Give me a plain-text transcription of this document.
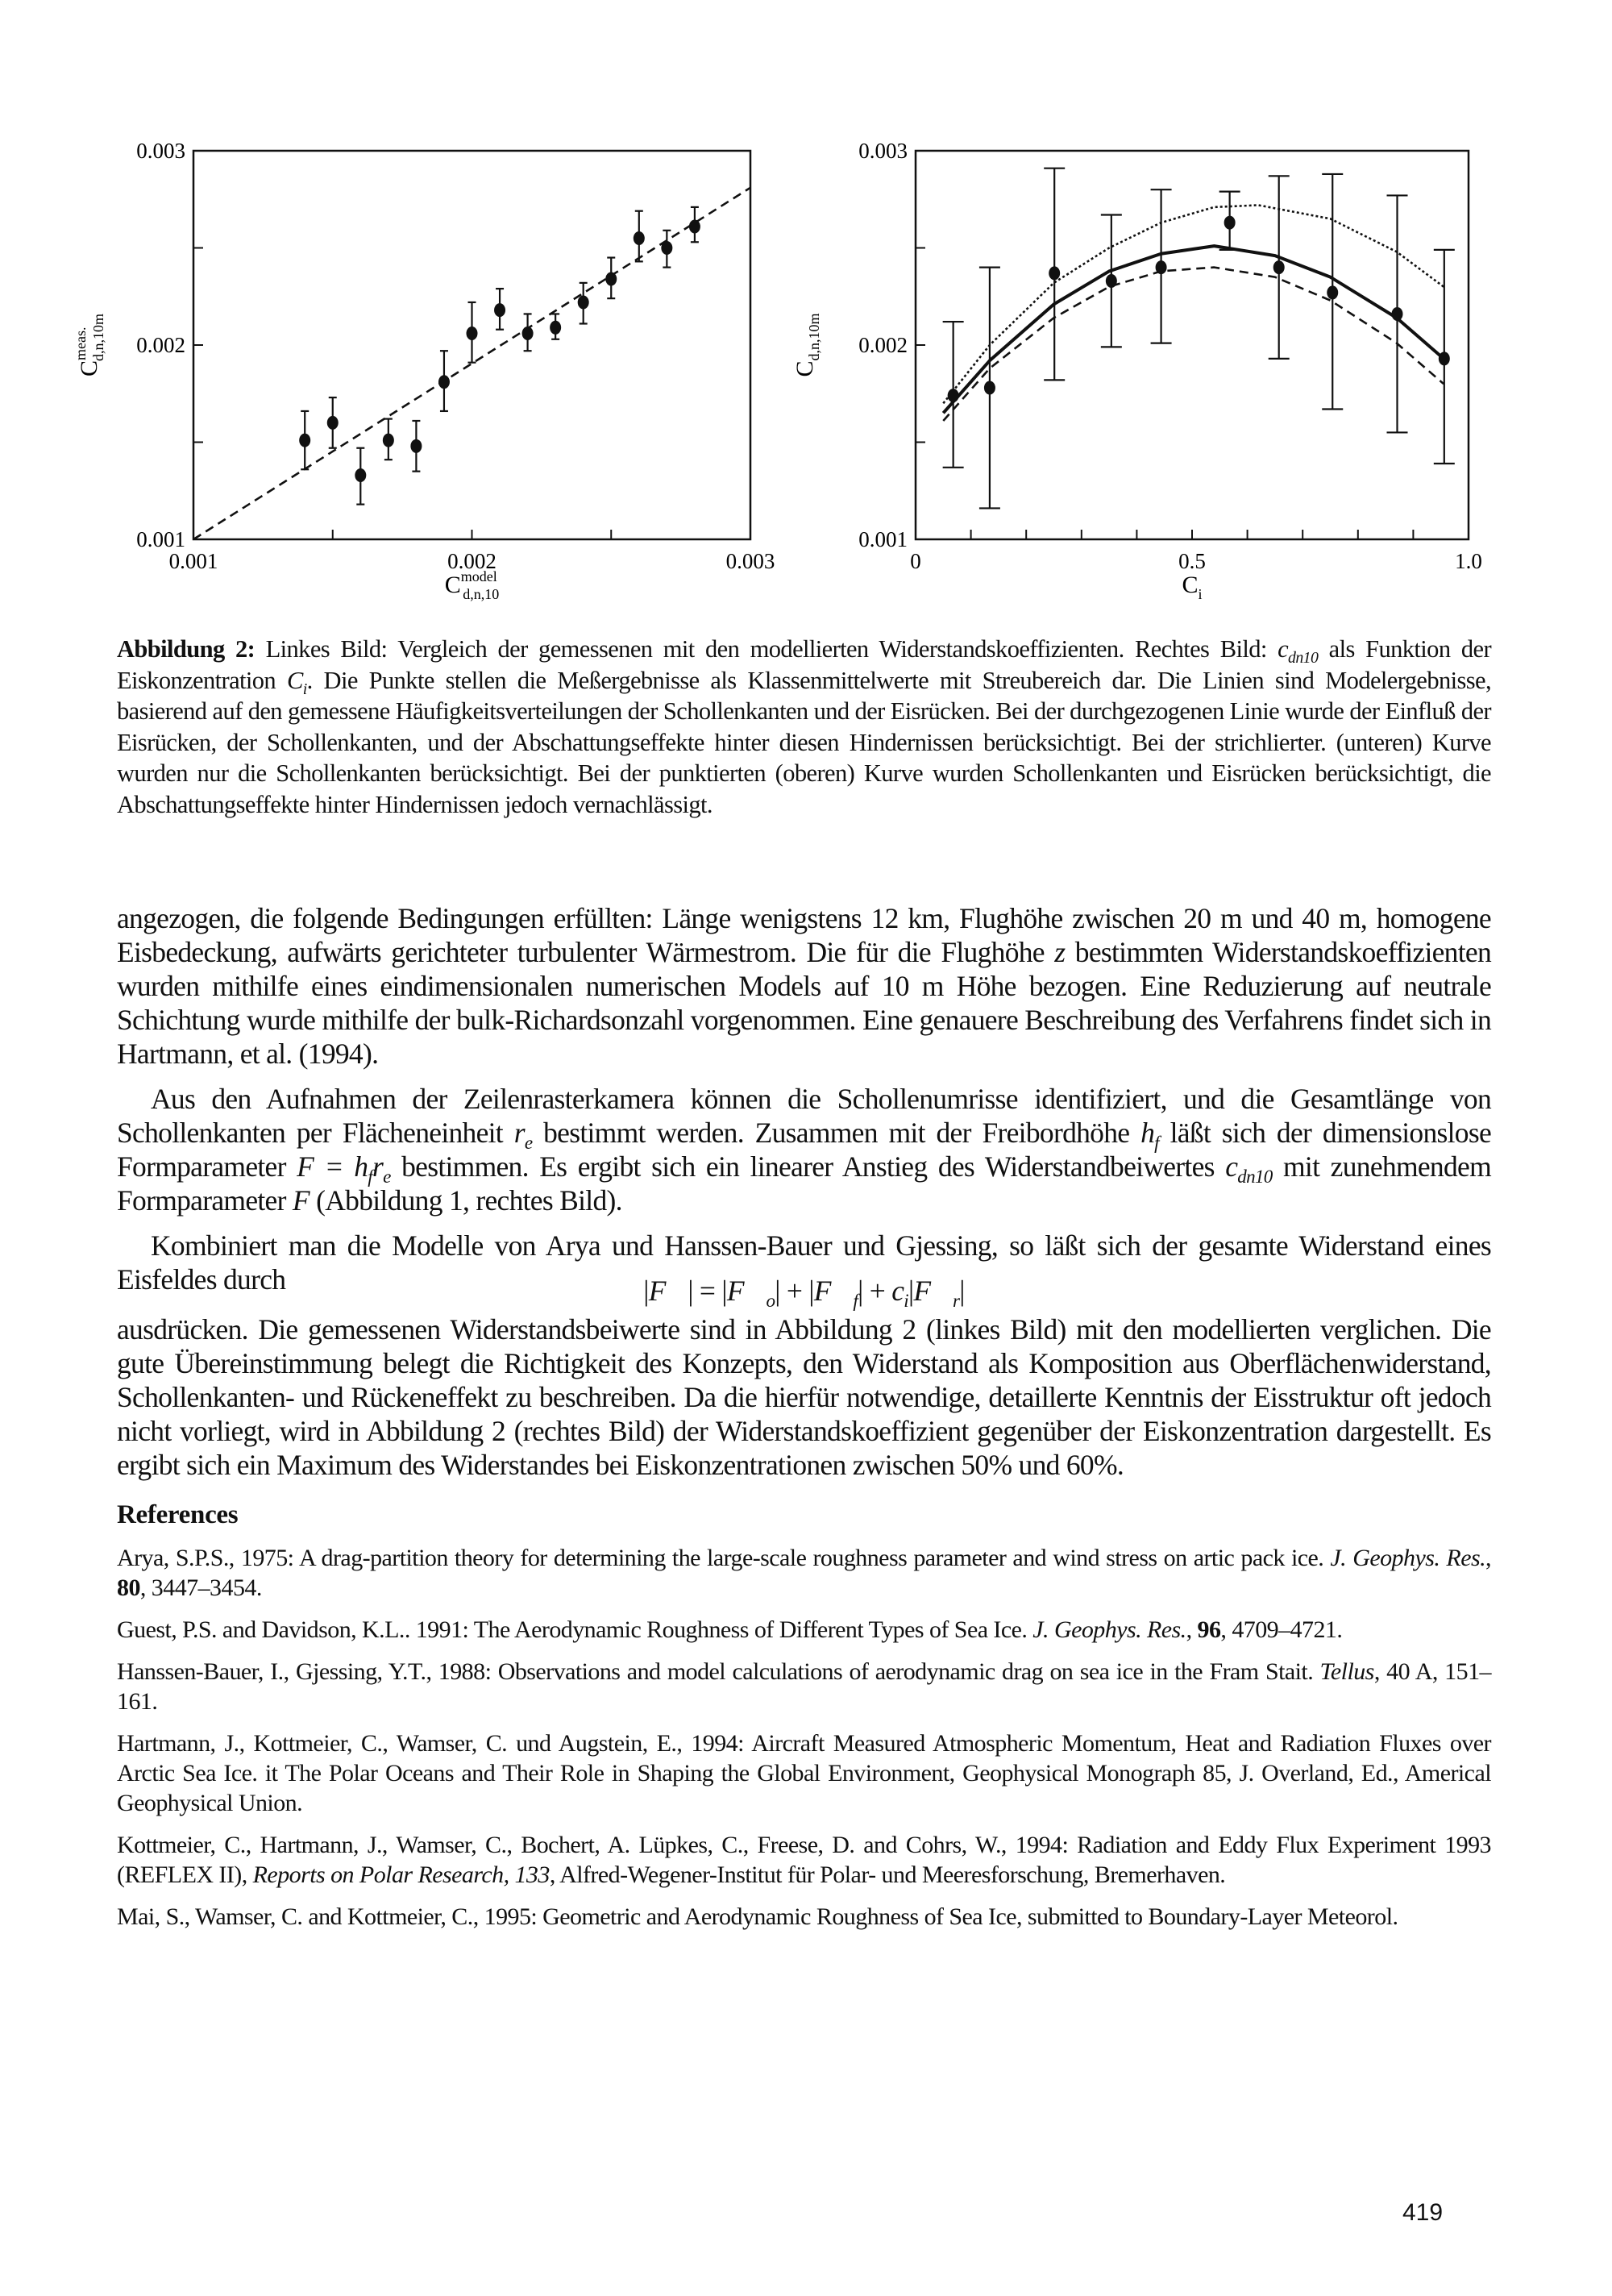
0.001	0.002	0.003
0.001
0.002
0.003
$C^{model}$ d,n,10
$C^{meas.}$ d,n,10m
0	0.5	1.0
0.001
0.002
0.003
$C_i$
$C_{d,n,10m}$
Abbildung 2: Linkes Bild: Vergleich der gemessenen mit den modellierten Widerstandskoeffizienten. Rechtes Bild: $c_{dn10}$ als Funktion der Eiskonzentration $C_i$. Die Punkte stellen die Meßergebnisse als Klassenmittelwerte mit Streubereich dar. Die Linien sind Modelergebnisse, basierend auf den gemessene Häufigkeitsverteilungen der Schollenkanten und der Eisrücken. Bei der durchgezogenen Linie wurde der Einfluß der Eisrücken, der Schollenkanten, und der Abschattungseffekte hinter diesen Hindernissen berücksichtigt. Bei der strichlierter. (unteren) Kurve wurden nur die Schollenkanten berücksichtigt. Bei der punktierten (oberen) Kurve wurden Schollenkanten und Eisrücken berücksichtigt, die Abschattungseffekte hinter Hindernissen jedoch vernachlässigt.

angezogen, die folgende Bedingungen erfüllten: Länge wenigstens 12 km, Flughöhe zwischen 20 m und 40 m, homogene Eisbedeckung, aufwärts gerichteter turbulenter Wärmestrom. Die für die Flughöhe z bestimmten Widerstandskoeffizienten wurden mithilfe eines eindimensionalen numerischen Models auf 10 m Höhe bezogen. Eine Reduzierung auf neutrale Schichtung wurde mithilfe der bulk-Richardsonzahl vorgenommen. Eine genauere Beschreibung des Verfahrens findet sich in Hartmann, et al. (1994).

Aus den Aufnahmen der Zeilenrasterkamera können die Schollenumrisse identifiziert, und die Gesamtlänge von Schollenkanten per Flächeneinheit $r_e$ bestimmt werden. Zusammen mit der Freibordhöhe $h_f$ läßt sich der dimensionslose Formparameter $F = h_fr_e$ bestimmen. Es ergibt sich ein linearer Anstieg des Widerstandbeiwertes $c_{dn10}$ mit zunehmendem Formparameter F (Abbildung 1, rechtes Bild).

Kombiniert man die Modelle von Arya und Hanssen-Bauer und Gjessing, so läßt sich der gesamte Widerstand eines Eisfeldes durch	|F⃗| = $|F⃗_o|$ + $|F⃗_f|$ + $c_i|F⃗_r|$

ausdrücken. Die gemessenen Widerstandsbeiwerte sind in Abbildung 2 (linkes Bild) mit den modellierten verglichen. Die gute Übereinstimmung belegt die Richtigkeit des Konzepts, den Widerstand als Komposition aus Oberflächenwiderstand, Schollenkanten- und Rückeneffekt zu beschreiben. Da die hierfür notwendige, detaillerte Kenntnis der Eisstruktur oft jedoch nicht vorliegt, wird in Abbildung 2 (rechtes Bild) der Widerstandskoeffizient gegenüber der Eiskonzentration dargestellt. Es ergibt sich ein Maximum des Widerstandes bei Eiskonzentrationen zwischen 50% und 60%.

References
Arya, S.P.S., 1975: A drag-partition theory for determining the large-scale roughness parameter and wind stress on artic pack ice. J. Geophys. Res., 80, 3447–3454.
Guest, P.S. and Davidson, K.L.. 1991: The Aerodynamic Roughness of Different Types of Sea Ice. J. Geophys. Res., 96, 4709–4721.
Hanssen-Bauer, I., Gjessing, Y.T., 1988: Observations and model calculations of aerodynamic drag on sea ice in the Fram Stait. Tellus, 40 A, 151–161.
Hartmann, J., Kottmeier, C., Wamser, C. und Augstein, E., 1994: Aircraft Measured Atmospheric Momentum, Heat and Radiation Fluxes over Arctic Sea Ice. it The Polar Oceans and Their Role in Shaping the Global Environment, Geophysical Monograph 85, J. Overland, Ed., Americal Geophysical Union.
Kottmeier, C., Hartmann, J., Wamser, C., Bochert, A. Lüpkes, C., Freese, D. and Cohrs, W., 1994: Radiation and Eddy Flux Experiment 1993 (REFLEX II), Reports on Polar Research, 133, Alfred-Wegener-Institut für Polar- und Meeresforschung, Bremerhaven.
Mai, S., Wamser, C. and Kottmeier, C., 1995: Geometric and Aerodynamic Roughness of Sea Ice, submitted to Boundary-Layer Meteorol.
419
